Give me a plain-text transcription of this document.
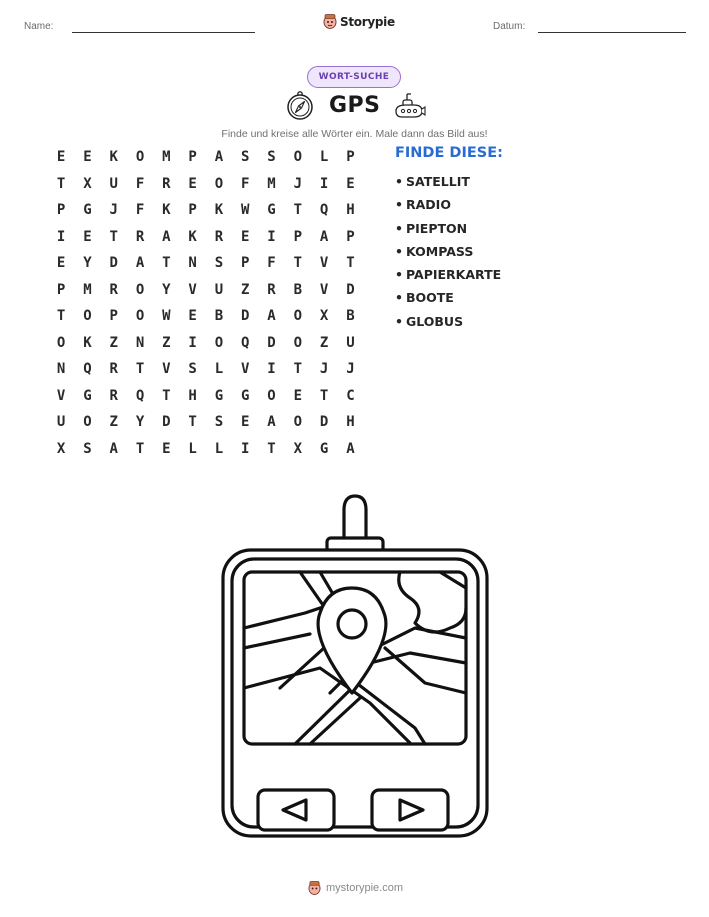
Name:	Storypie	Datum:
WORT-SUCHE
GPS
Finde und kreise alle Wörter ein. Male dann das Bild aus!
E	E	K	O	M	P	A	S	S	O	L	P
T	X	U	F	R	E	O	F	M	J	I	E
P	G	J	F	K	P	K	W	G	T	Q	H
I	E	T	R	A	K	R	E	I	P	A	P
E	Y	D	A	T	N	S	P	F	T	V	T
P	M	R	O	Y	V	U	Z	R	B	V	D
T	O	P	O	W	E	B	D	A	O	X	B
O	K	Z	N	Z	I	O	Q	D	O	Z	U
N	Q	R	T	V	S	L	V	I	T	J	J
V	G	R	Q	T	H	G	G	O	E	T	C
U	O	Z	Y	D	T	S	E	A	O	D	H
X	S	A	T	E	L	L	I	T	X	G	A
FINDE DIESE:
• SATELLIT
• RADIO
• PIEPTON
• KOMPASS
• PAPIERKARTE
• BOOTE
• GLOBUS
mystorypie.com
